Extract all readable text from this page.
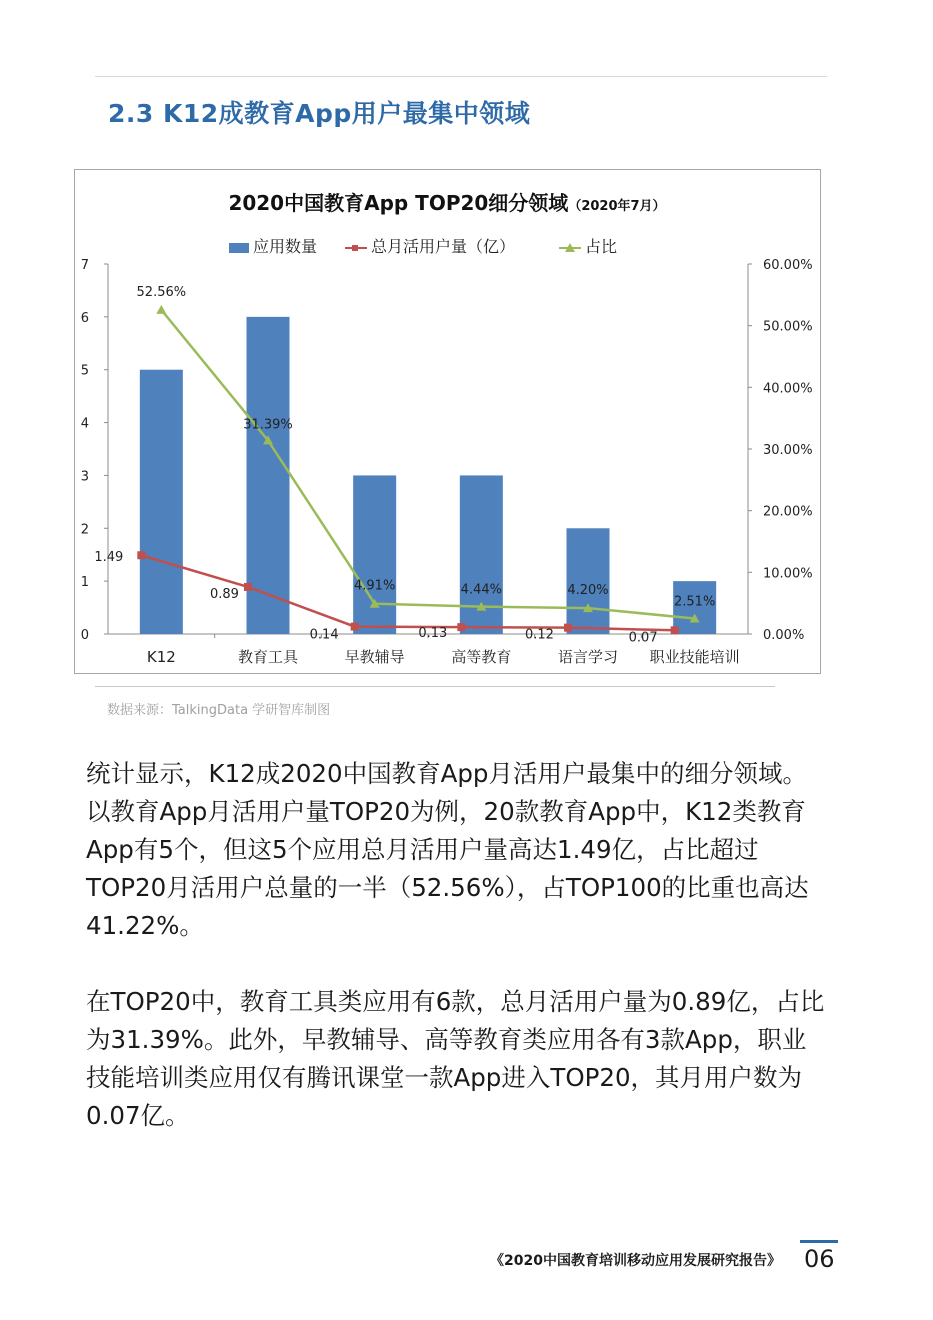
2.3 K12成教育App用户最集中领域
2020中国教育App TOP20细分领域（2020年7月）
应用数量	总月活用户量（亿）	占比
0
1
2
3
4
5
6
7
0.00%
10.00%
20.00%
30.00%
40.00%
50.00%
60.00%
K12	教育工具	早教辅导	高等教育	语言学习 职业技能培训
1.49
0.89
0.14	0.13	0.12	0.07
52.56%
31.39%
4.91%	4.44%	4.20%
2.51%
数据来源：TalkingData 学研智库制图

统计显示，K12成2020中国教育App月活用户最集中的细分领域。以教育App月活用户量TOP20为例，20款教育App中，K12类教育App有5个，但这5个应用总月活用户量高达1.49亿，占比超过TOP20月活用户总量的一半（52.56%），占TOP100的比重也高达41.22%。

在TOP20中，教育工具类应用有6款，总月活用户量为0.89亿，占比为31.39%。此外，早教辅导、高等教育类应用各有3款App，职业技能培训类应用仅有腾讯课堂一款App进入TOP20，其月用户数为0.07亿。

《2020中国教育培训移动应用发展研究报告》 06
